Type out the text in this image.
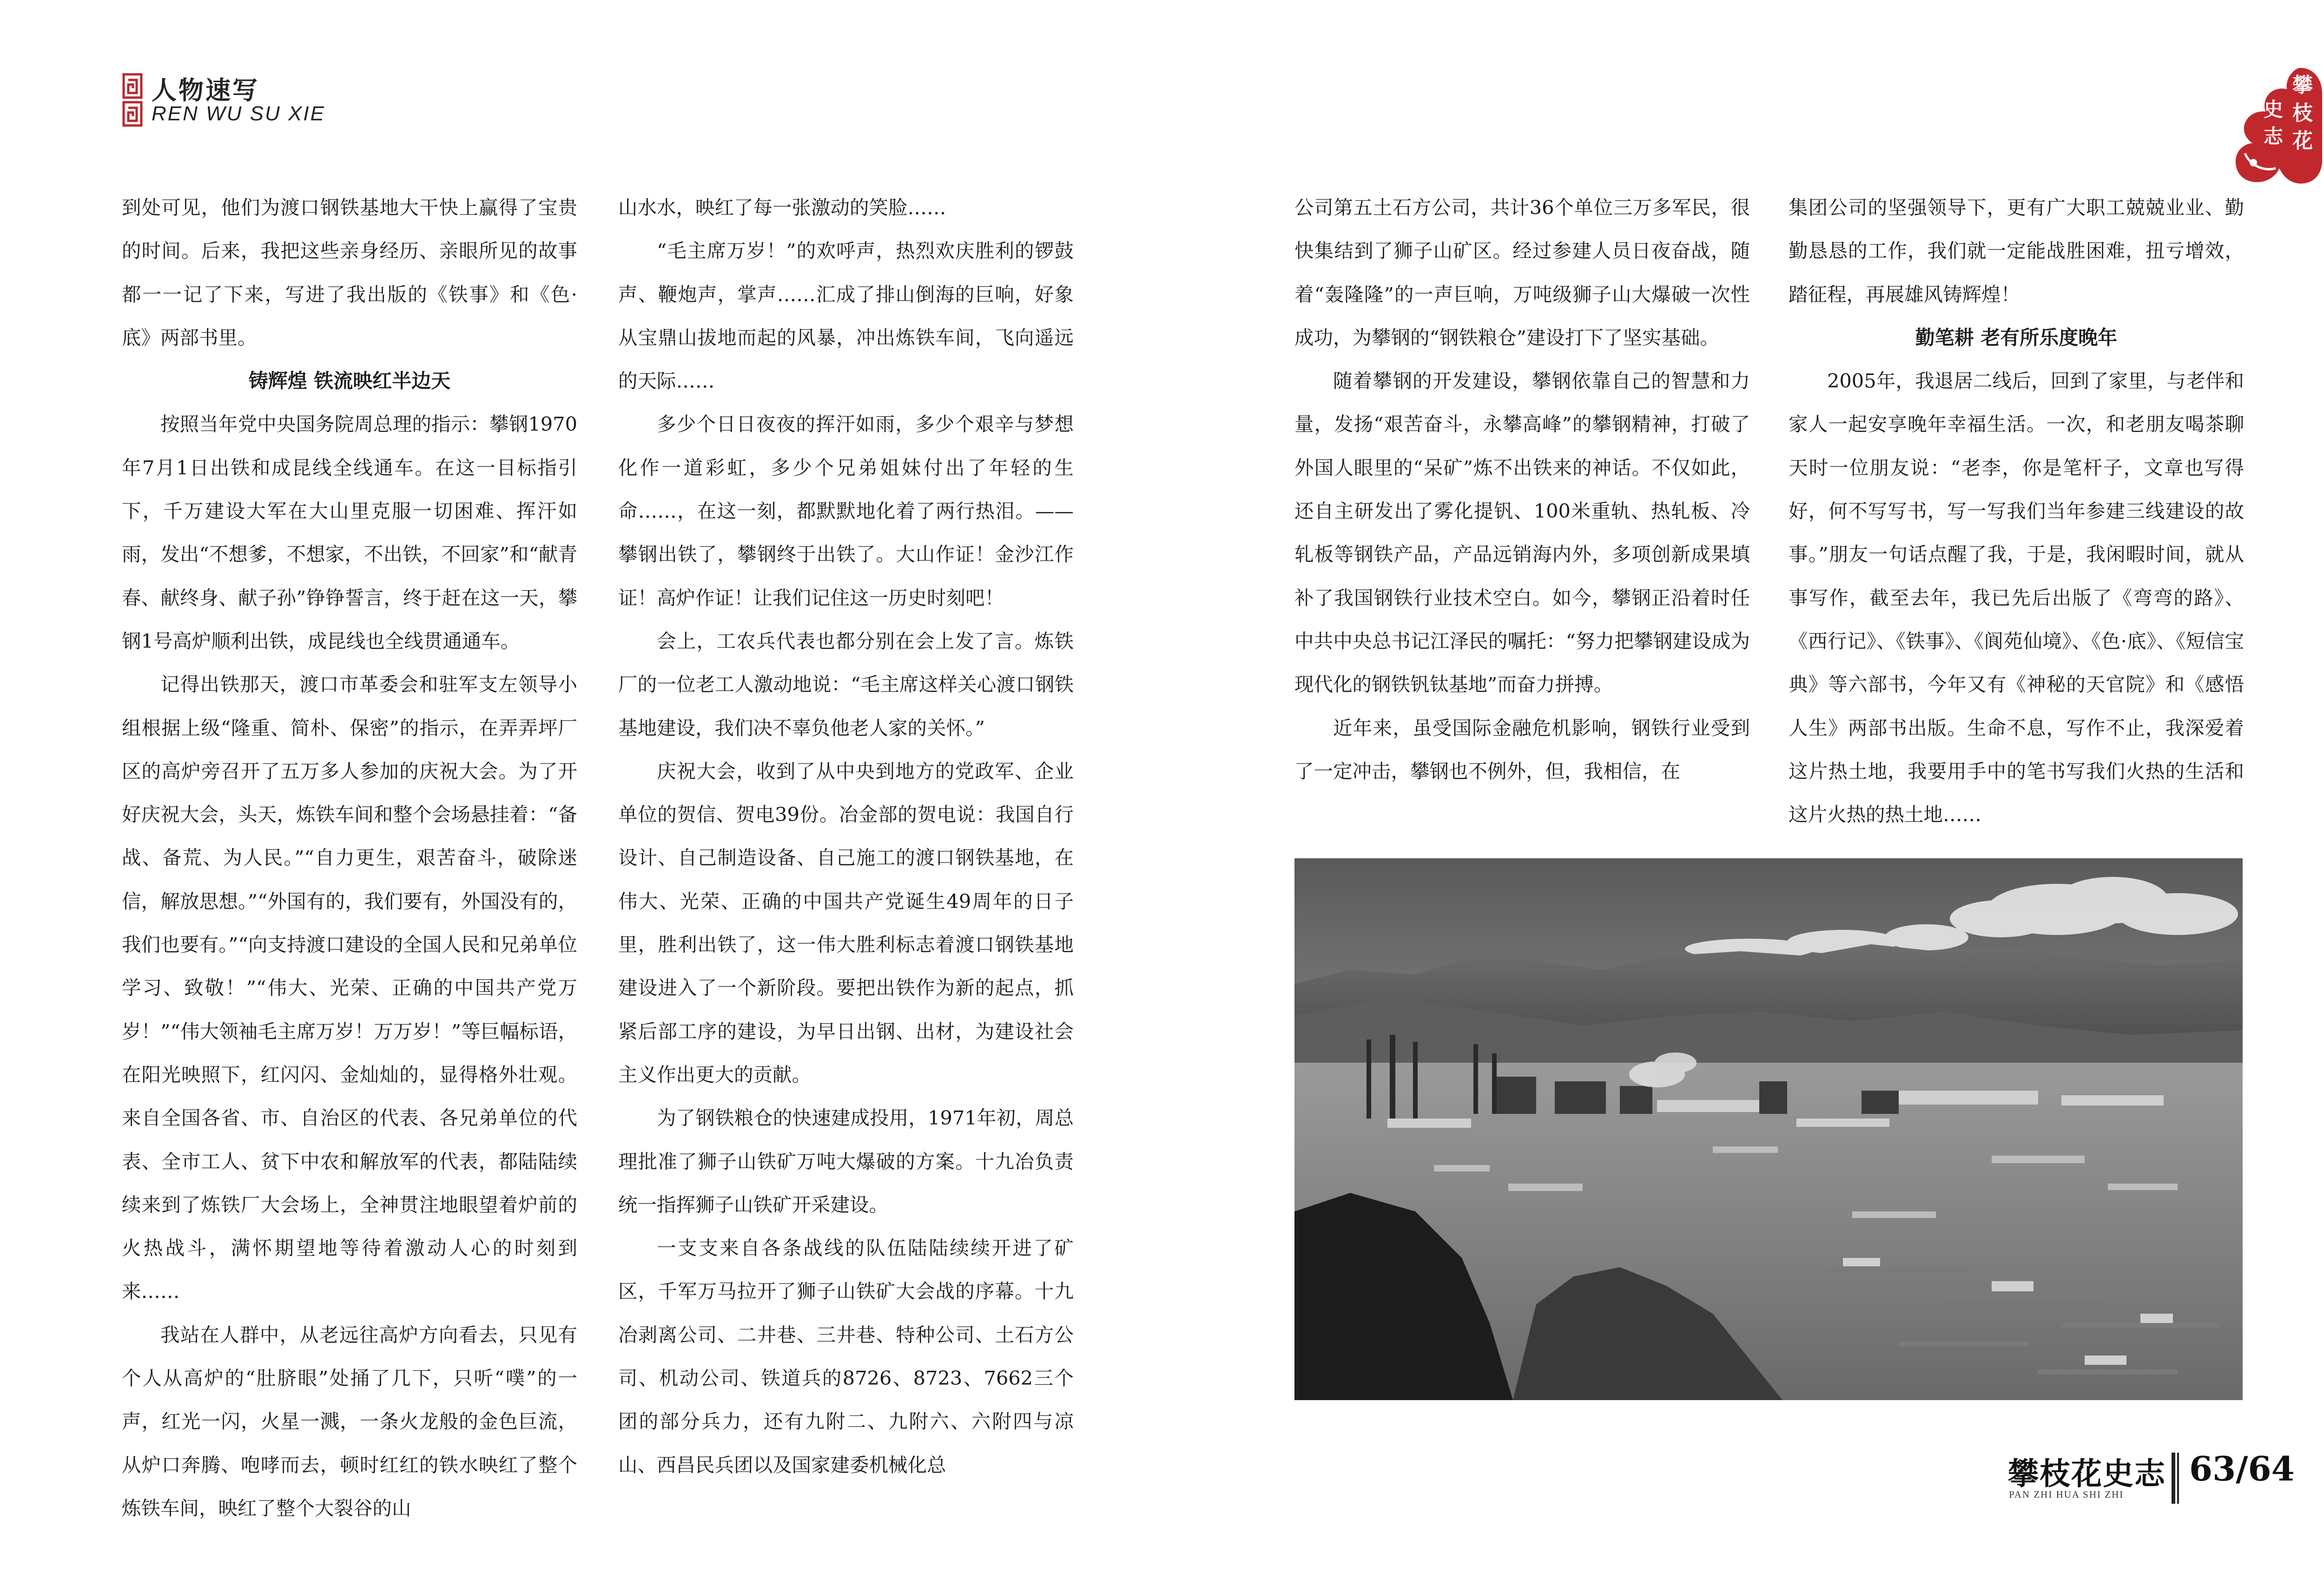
人物速写
REN WU SU XIE
攀
枝
花
史
志

到处可见，他们为渡口钢铁基地大干快上赢得了宝贵的时间。后来，我把这些亲身经历、亲眼所见的故事都一一记了下来，写进了我出版的《铁事》和《色·底》两部书里。

铸辉煌 铁流映红半边天

按照当年党中央国务院周总理的指示：攀钢1970年7月1日出铁和成昆线全线通车。在这一目标指引下，千万建设大军在大山里克服一切困难、挥汗如雨，发出“不想爹，不想家，不出铁，不回家”和“献青春、献终身、献子孙”铮铮誓言，终于赶在这一天，攀钢1号高炉顺利出铁，成昆线也全线贯通通车。

记得出铁那天，渡口市革委会和驻军支左领导小组根据上级“隆重、简朴、保密”的指示，在弄弄坪厂区的高炉旁召开了五万多人参加的庆祝大会。为了开好庆祝大会，头天，炼铁车间和整个会场悬挂着：“备战、备荒、为人民。”“自力更生，艰苦奋斗，破除迷信，解放思想。”“外国有的，我们要有，外国没有的，我们也要有。”“向支持渡口建设的全国人民和兄弟单位学习、致敬！”“伟大、光荣、正确的中国共产党万岁！”“伟大领袖毛主席万岁！万万岁！”等巨幅标语，在阳光映照下，红闪闪、金灿灿的，显得格外壮观。来自全国各省、市、自治区的代表、各兄弟单位的代表、全市工人、贫下中农和解放军的代表，都陆陆续续来到了炼铁厂大会场上，全神贯注地眼望着炉前的火热战斗，满怀期望地等待着激动人心的时刻到来……

我站在人群中，从老远往高炉方向看去，只见有个人从高炉的“肚脐眼”处捅了几下，只听“噗”的一声，红光一闪，火星一溅，一条火龙般的金色巨流，从炉口奔腾、咆哮而去，顿时红红的铁水映红了整个炼铁车间，映红了整个大裂谷的山

山水水，映红了每一张激动的笑脸……

“毛主席万岁！”的欢呼声，热烈欢庆胜利的锣鼓声、鞭炮声，掌声……汇成了排山倒海的巨响，好象从宝鼎山拔地而起的风暴，冲出炼铁车间，飞向遥远的天际……

多少个日日夜夜的挥汗如雨，多少个艰辛与梦想化作一道彩虹，多少个兄弟姐妹付出了年轻的生命……，在这一刻，都默默地化着了两行热泪。——攀钢出铁了，攀钢终于出铁了。大山作证！金沙江作证！高炉作证！让我们记住这一历史时刻吧！

会上，工农兵代表也都分别在会上发了言。炼铁厂的一位老工人激动地说：“毛主席这样关心渡口钢铁基地建设，我们决不辜负他老人家的关怀。”

庆祝大会，收到了从中央到地方的党政军、企业单位的贺信、贺电39份。冶金部的贺电说：我国自行设计、自己制造设备、自己施工的渡口钢铁基地，在伟大、光荣、正确的中国共产党诞生49周年的日子里，胜利出铁了，这一伟大胜利标志着渡口钢铁基地建设进入了一个新阶段。要把出铁作为新的起点，抓紧后部工序的建设，为早日出钢、出材，为建设社会主义作出更大的贡献。

为了钢铁粮仓的快速建成投用，1971年初，周总理批准了狮子山铁矿万吨大爆破的方案。十九冶负责统一指挥狮子山铁矿开采建设。

一支支来自各条战线的队伍陆陆续续开进了矿区，千军万马拉开了狮子山铁矿大会战的序幕。十九冶剥离公司、二井巷、三井巷、特种公司、土石方公司、机动公司、铁道兵的8726、8723、7662三个团的部分兵力，还有九附二、九附六、六附四与凉山、西昌民兵团以及国家建委机械化总

公司第五土石方公司，共计36个单位三万多军民，很快集结到了狮子山矿区。经过参建人员日夜奋战，随着“轰隆隆”的一声巨响，万吨级狮子山大爆破一次性成功，为攀钢的“钢铁粮仓”建设打下了坚实基础。

随着攀钢的开发建设，攀钢依靠自己的智慧和力量，发扬“艰苦奋斗，永攀高峰”的攀钢精神，打破了外国人眼里的“呆矿”炼不出铁来的神话。不仅如此，还自主研发出了雾化提钒、100米重轨、热轧板、冷轧板等钢铁产品，产品远销海内外，多项创新成果填补了我国钢铁行业技术空白。如今，攀钢正沿着时任中共中央总书记江泽民的嘱托：“努力把攀钢建设成为现代化的钢铁钒钛基地”而奋力拼搏。

近年来，虽受国际金融危机影响，钢铁行业受到了一定冲击，攀钢也不例外，但，我相信，在

集团公司的坚强领导下，更有广大职工兢兢业业、勤勤恳恳的工作，我们就一定能战胜困难，扭亏增效，踏征程，再展雄风铸辉煌！

勤笔耕 老有所乐度晚年

2005年，我退居二线后，回到了家里，与老伴和家人一起安享晚年幸福生活。一次，和老朋友喝茶聊天时一位朋友说：“老李，你是笔杆子，文章也写得好，何不写写书，写一写我们当年参建三线建设的故事。”朋友一句话点醒了我，于是，我闲暇时间，就从事写作，截至去年，我已先后出版了《弯弯的路》、《西行记》、《铁事》、《阆苑仙境》、《色·底》、《短信宝典》等六部书，今年又有《神秘的天官院》和《感悟人生》两部书出版。生命不息，写作不止，我深爱着这片热土地，我要用手中的笔书写我们火热的生活和这片火热的热土地……

攀枝花史志
PAN ZHI HUA SHI ZHI
63/64
